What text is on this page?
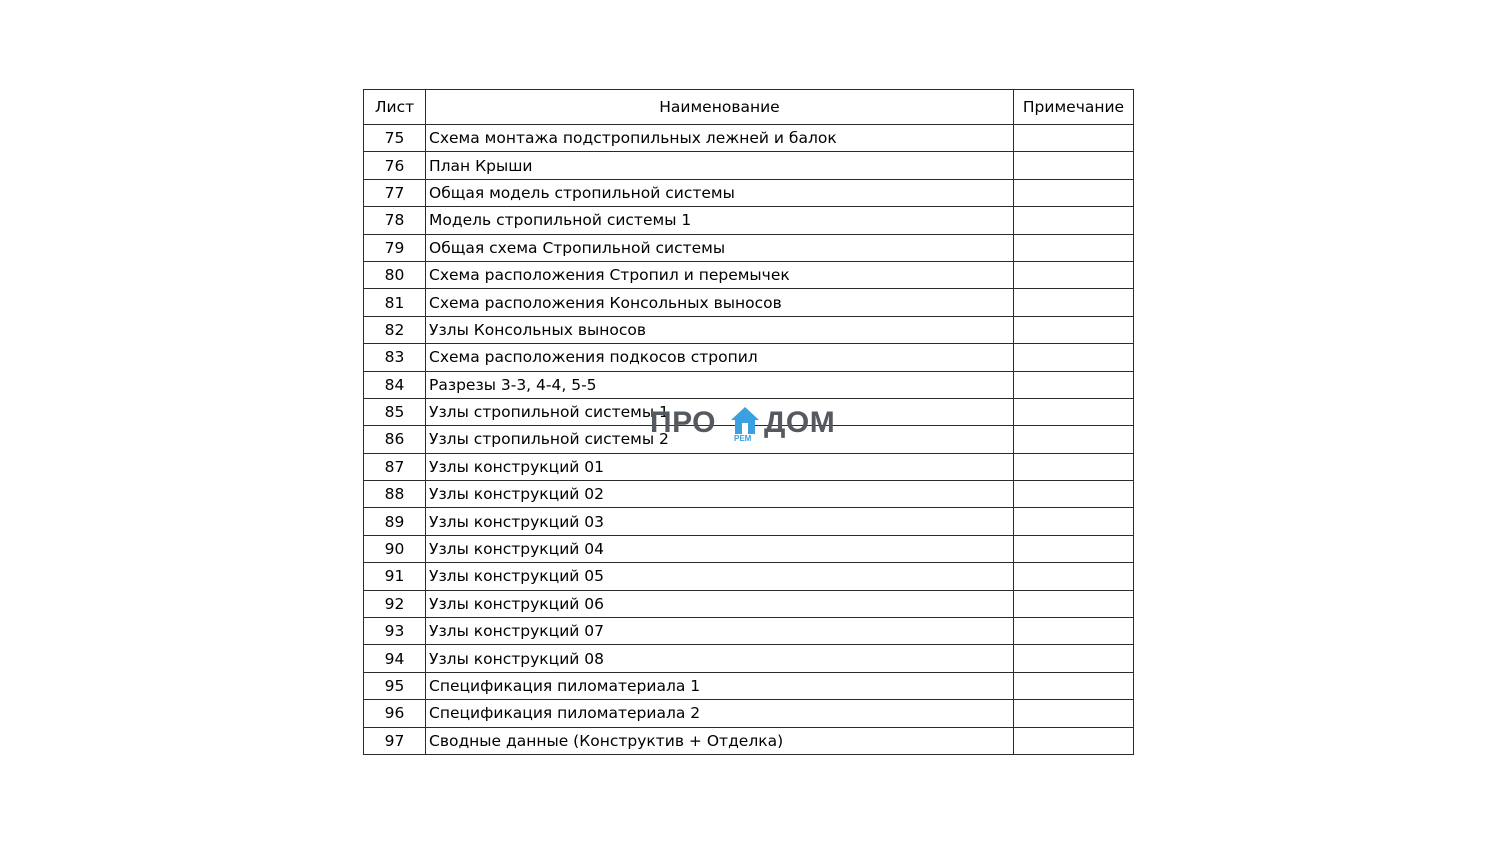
Лист	Наименование	Примечание
75	Схема монтажа подстропильных лежней и балок	
76	План Крыши	
77	Общая модель стропильной системы	
78	Модель стропильной системы 1	
79	Общая схема Стропильной системы	
80	Схема расположения Стропил и перемычек	
81	Схема расположения Консольных выносов	
82	Узлы Консольных выносов	
83	Схема расположения подкосов стропил	
84	Разрезы 3-3, 4-4, 5-5	
85	Узлы стропильной системы 1	
86	Узлы стропильной системы 2	
87	Узлы конструкций 01	
88	Узлы конструкций 02	
89	Узлы конструкций 03	
90	Узлы конструкций 04	
91	Узлы конструкций 05	
92	Узлы конструкций 06	
93	Узлы конструкций 07	
94	Узлы конструкций 08	
95	Спецификация пиломатериала 1	
96	Спецификация пиломатериала 2	
97	Сводные данные (Конструктив + Отделка)	
ПРО РЕМ ДОМ
